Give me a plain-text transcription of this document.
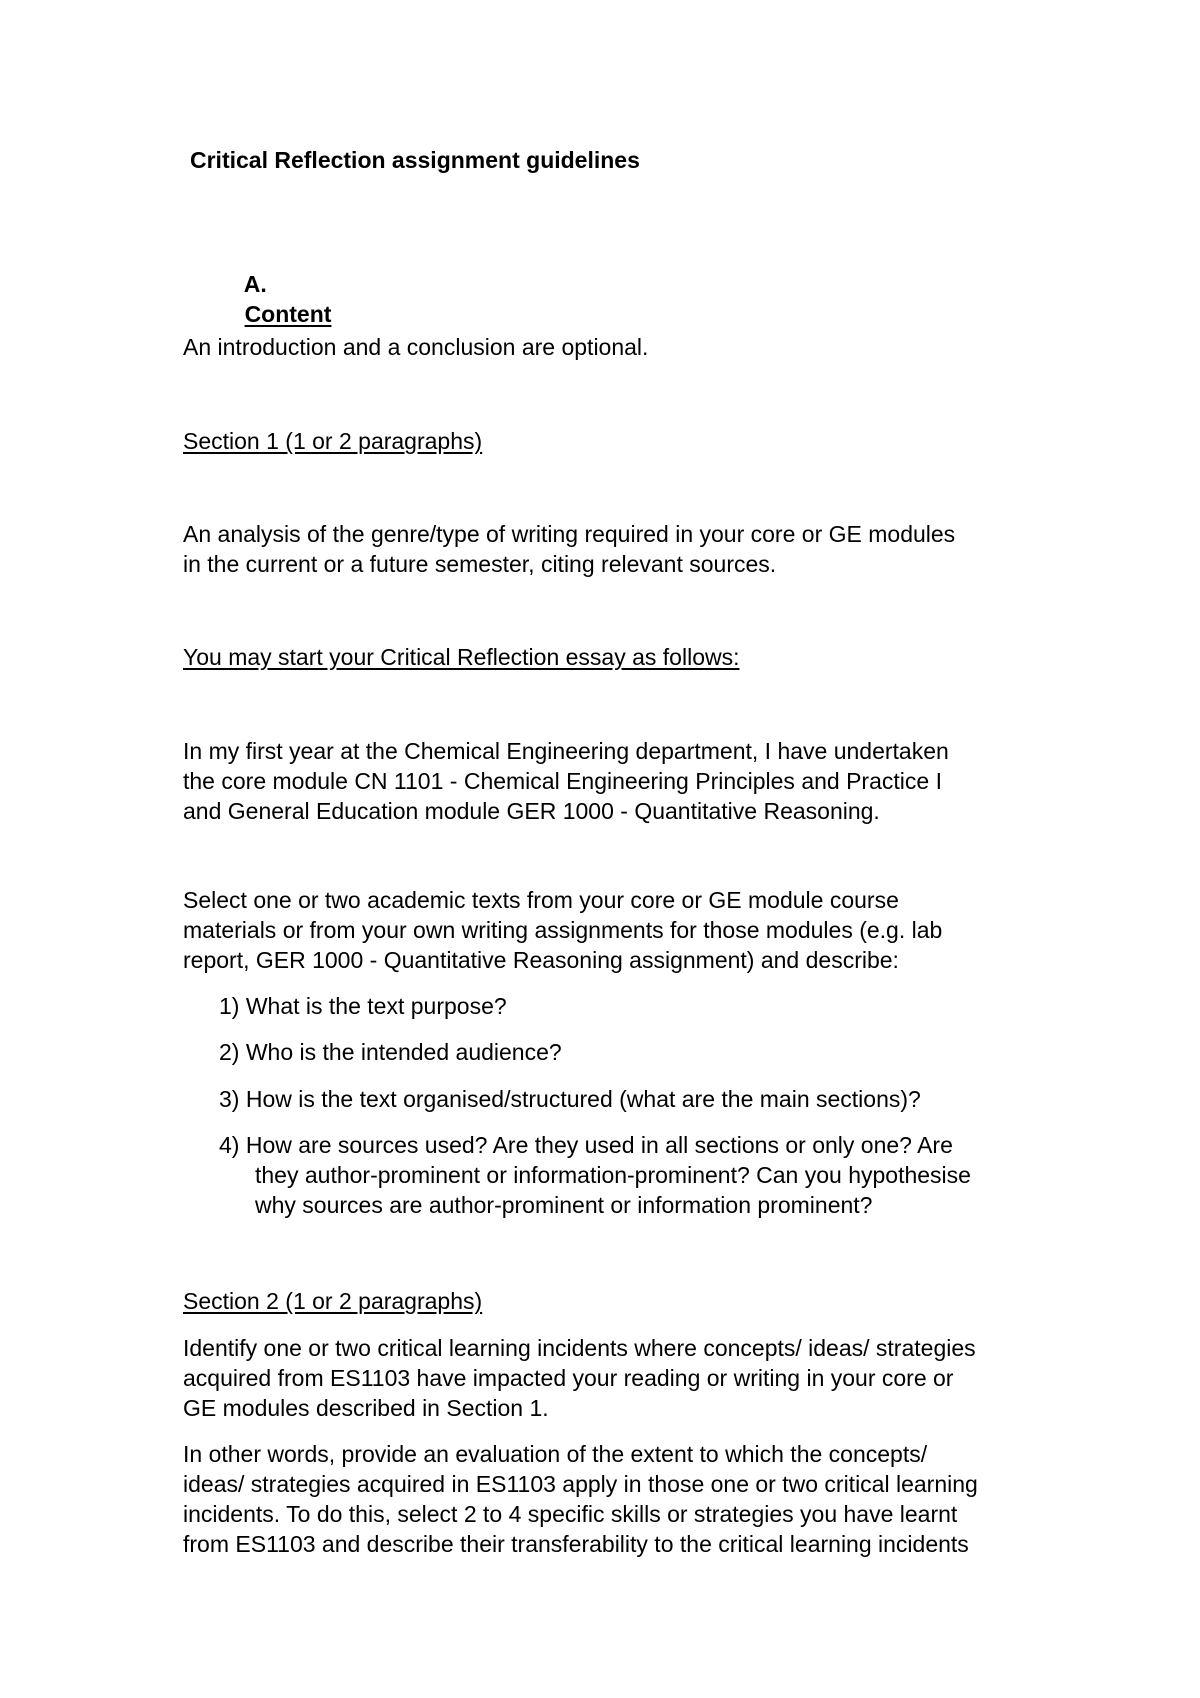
Critical Reflection assignment guidelines

A.
Content

An introduction and a conclusion are optional.

Section 1 (1 or 2 paragraphs)

An analysis of the genre/type of writing required in your core or GE modules
in the current or a future semester, citing relevant sources.

You may start your Critical Reflection essay as follows:

In my first year at the Chemical Engineering department, I have undertaken
the core module CN 1101 - Chemical Engineering Principles and Practice I
and General Education module GER 1000 - Quantitative Reasoning.
Select one or two academic texts from your core or GE module course
materials or from your own writing assignments for those modules (e.g. lab
report, GER 1000 - Quantitative Reasoning assignment) and describe:

1) What is the text purpose?

2) Who is the intended audience?

3) How is the text organised/structured (what are the main sections)?

4) How are sources used? Are they used in all sections or only one? Are

they author-prominent or information-prominent? Can you hypothesise
why sources are author-prominent or information prominent?

Section 2 (1 or 2 paragraphs)

Identify one or two critical learning incidents where concepts/ ideas/ strategies
acquired from ES1103 have impacted your reading or writing in your core or
GE modules described in Section 1.
In other words, provide an evaluation of the extent to which the concepts/
ideas/ strategies acquired in ES1103 apply in those one or two critical learning
incidents. To do this, select 2 to 4 specific skills or strategies you have learnt
from ES1103 and describe their transferability to the critical learning incidents
